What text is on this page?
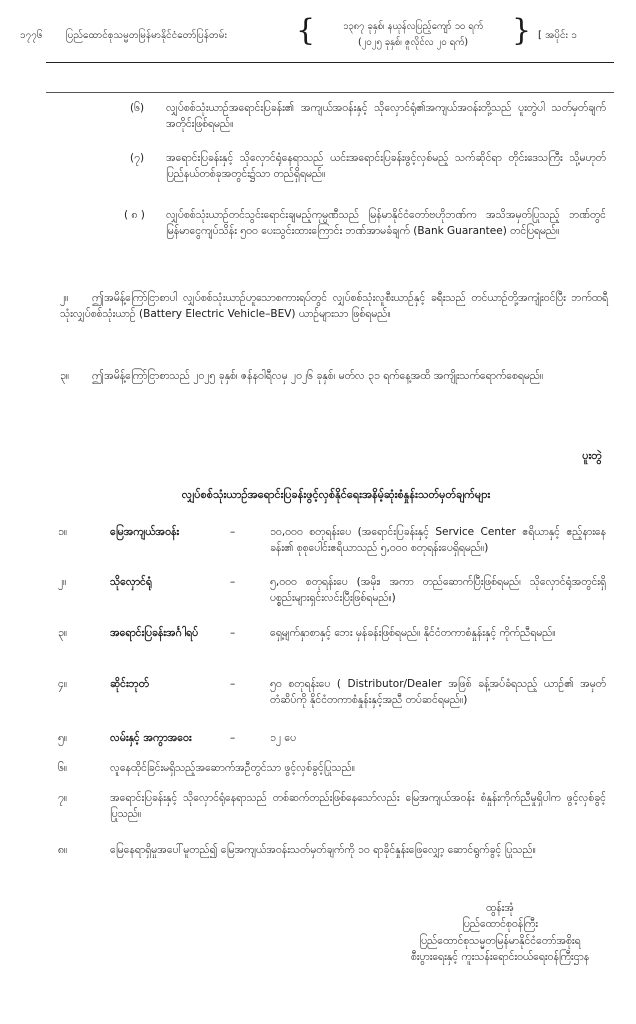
၁၇၇၆ ပြည်ထောင်စုသမ္မတမြန်မာနိုင်ငံတော်ပြန်တမ်း {	၁၃၈၇ ခုနှစ်၊ နယုန်လပြည့်ကျော် ၁၀ ရက်
(၂၀၂၅ ခုနှစ်၊ ဇူလိုင်လ ၂၀ ရက်)	} [ အပိုင်း ၁
(၆) လျှပ်စစ်သုံးယာဉ်အရောင်းပြခန်း၏ အကျယ်အဝန်းနှင့် သိုလှောင်ရုံ၏အကျယ်အဝန်းတို့သည် ပူးတွဲပါ သတ်မှတ်ချက်အတိုင်းဖြစ်ရမည်။
(၇) အရောင်းပြခန်းနှင့် သိုလှောင်ရုံနေရာသည် ယင်းအရောင်းပြခန်းဖွင့်လှစ်မည့် သက်ဆိုင်ရာ တိုင်းဒေသကြီး သို့မဟုတ် ပြည်နယ်တစ်ခုအတွင်း၌သာ တည်ရှိရမည်။
( ၈ ) လျှပ်စစ်သုံးယာဉ်တင်သွင်းရောင်းချမည့်ကုမ္ပဏီသည် မြန်မာနိုင်ငံတော်ဗဟိုဘဏ်က အသိအမှတ်ပြုသည့် ဘဏ်တွင် မြန်မာငွေကျပ်သိန်း ၅၀၀ ပေးသွင်းထားကြောင်း ဘဏ်အာမခံချက် (Bank Guarantee) တင်ပြရမည်။
၂။	ဤအမိန့်ကြော်ငြာစာပါ လျှပ်စစ်သုံးယာဉ်ဟူသောစကားရပ်တွင် လျှပ်စစ်သုံးလူစီးယာဉ်နှင့် ခရီးသည် တင်ယာဉ်တို့အကျုံးဝင်ပြီး ဘက်ထရီသုံးလျှပ်စစ်သုံးယာဉ် (Battery Electric Vehicle–BEV) ယာဉ်များသာ ဖြစ်ရမည်။
၃။	ဤအမိန့်ကြော်ငြာစာသည် ၂၀၂၅ ခုနှစ်၊ ဇန်နဝါရီလမှ ၂၀၂၆ ခုနှစ်၊ မတ်လ ၃၁ ရက်နေ့အထိ အကျိုးသက်ရောက်စေရမည်။
ပူးတွဲ
လျှပ်စစ်သုံးယာဉ်အရောင်းပြခန်းဖွင့်လှစ်နိုင်ရေးအနိမ့်ဆုံးစံနှုန်းသတ်မှတ်ချက်များ
၁။	မြေအကျယ်အဝန်း	–	၁၀,၀၀၀ စတုရန်းပေ (အရောင်းပြခန်းနှင့် Service Center ဧရိယာနှင့် ဧည့်နားနေခန်း၏ စုစုပေါင်းဧရိယာသည် ၅,၀၀၀ စတုရန်းပေရှိရမည်။)
၂။	သိုလှောင်ရုံ	–	၅,၀၀၀ စတုရန်းပေ (အမိုး၊ အကာ တည်ဆောက်ပြီးဖြစ်ရမည်၊ သိုလှောင်ရုံအတွင်းရှိ ပစ္စည်းများရှင်းလင်းပြီးဖြစ်ရမည်။)
၃။	အရောင်းပြခန်းအင်္ဂါရပ်	–	ရှေ့မျက်နှာစာနှင့် ဘေး မှန်ခန်းဖြစ်ရမည်။ နိုင်ငံတကာစံနှုန်းနှင့် ကိုက်ညီရမည်။
၄။	ဆိုင်းဘုတ်	–	၅၀ စတုရန်းပေ ( Distributor/Dealer အဖြစ် ခန့်အပ်ခံရသည့် ယာဉ်၏ အမှတ်တံဆိပ်ကို နိုင်ငံတကာစံနှုန်းနှင့်အညီ တပ်ဆင်ရမည်။)
၅။	လမ်းနှင့် အကွာအဝေး	–	၁၂ ပေ
၆။	လူနေထိုင်ခြင်းမရှိသည့်အဆောက်အဦတွင်သာ ဖွင့်လှစ်ခွင့်ပြုသည်။
၇။	အရောင်းပြခန်းနှင့် သိုလှောင်ရုံနေရာသည် တစ်ဆက်တည်းဖြစ်နေသော်လည်း မြေအကျယ်အဝန်း စံနှုန်းကိုက်ညီမှုရှိပါက ဖွင့်လှစ်ခွင့်ပြုသည်။
၈။	မြေနေရာရှိမှုအပေါ်မူတည်၍ မြေအကျယ်အဝန်းသတ်မှတ်ချက်ကို ၁၀ ရာခိုင်နှုန်းဖြေလျှော့ ဆောင်ရွက်ခွင့် ပြုသည်။
ထွန်းအုံ
ပြည်ထောင်စုဝန်ကြီး
ပြည်ထောင်စုသမ္မတမြန်မာနိုင်ငံတော်အစိုးရ
စီးပွားရေးနှင့် ကူးသန်းရောင်းဝယ်ရေးဝန်ကြီးဌာန
